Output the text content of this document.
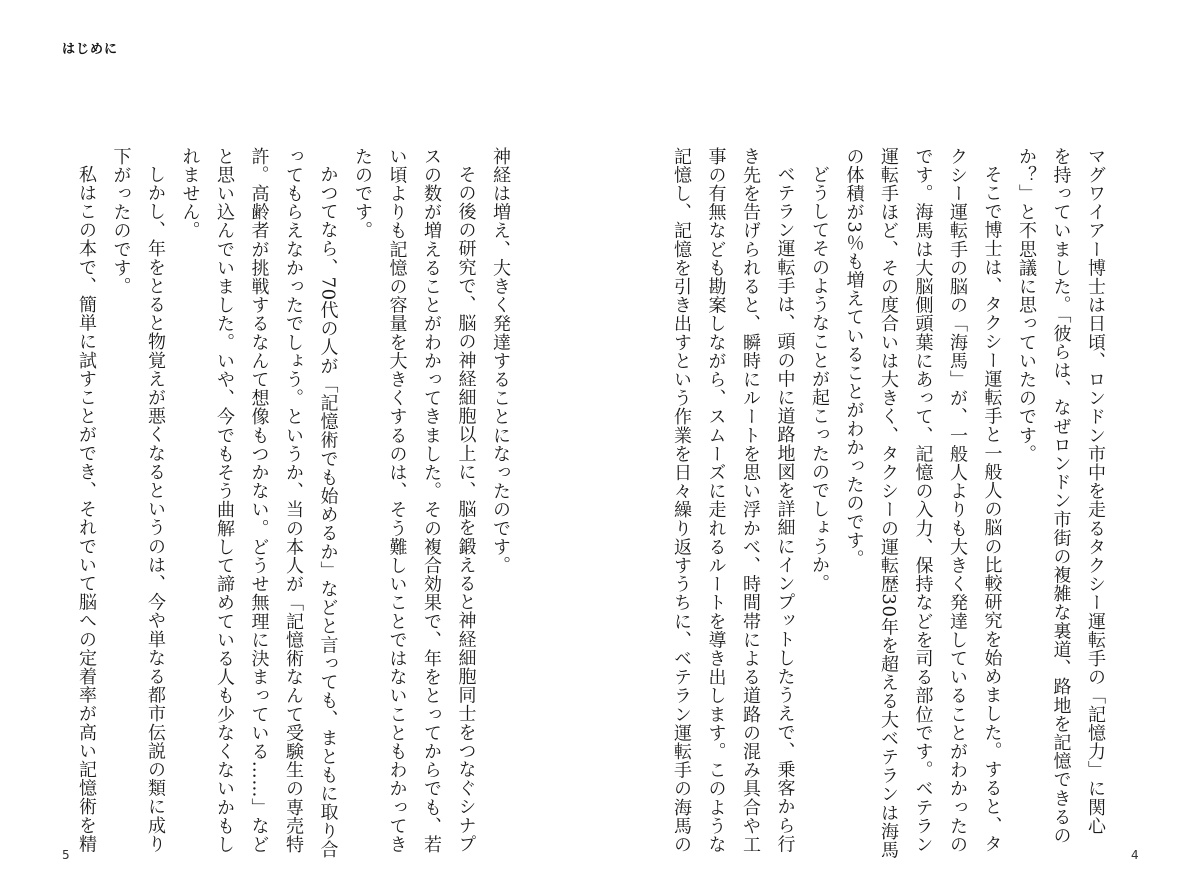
はじめに
マグワイアー博士は日頃、ロンドン市中を走るタクシー運転手の「記憶力」に関心
を持っていました。「彼らは、なぜロンドン市街の複雑な裏道、路地を記憶できるの
か？」と不思議に思っていたのです。
そこで博士は、タクシー運転手と一般人の脳の比較研究を始めました。すると、タ
クシー運転手の脳の「海馬」が、一般人よりも大きく発達していることがわかったの
です。海馬は大脳側頭葉にあって、記憶の入力、保持などを司る部位です。ベテラン
運転手ほど、その度合いは大きく、タクシーの運転歴30年を超える大ベテランは海馬
の体積が3％も増えていることがわかったのです。
どうしてそのようなことが起こったのでしょうか。
ベテラン運転手は、頭の中に道路地図を詳細にインプットしたうえで、乗客から行
き先を告げられると、瞬時にルートを思い浮かべ、時間帯による道路の混み具合や工
事の有無なども勘案しながら、スムーズに走れるルートを導き出します。このような
記憶し、記憶を引き出すという作業を日々繰り返すうちに、ベテラン運転手の海馬の
神経は増え、大きく発達することになったのです。
その後の研究で、脳の神経細胞以上に、脳を鍛えると神経細胞同士をつなぐシナプ
スの数が増えることがわかってきました。その複合効果で、年をとってからでも、若
い頃よりも記憶の容量を大きくするのは、そう難しいことではないこともわかってき
たのです。
かつてなら、70代の人が「記憶術でも始めるか」などと言っても、まともに取り合
ってもらえなかったでしょう。というか、当の本人が「記憶術なんて受験生の専売特
許。高齢者が挑戦するなんて想像もつかない。どうせ無理に決まっている……」など
と思い込んでいました。いや、今でもそう曲解して諦めている人も少なくないかもし
れません。
しかし、年をとると物覚えが悪くなるというのは、今や単なる都市伝説の類に成り
下がったのです。
私はこの本で、簡単に試すことができ、それでいて脳への定着率が高い記憶術を精
5	4
